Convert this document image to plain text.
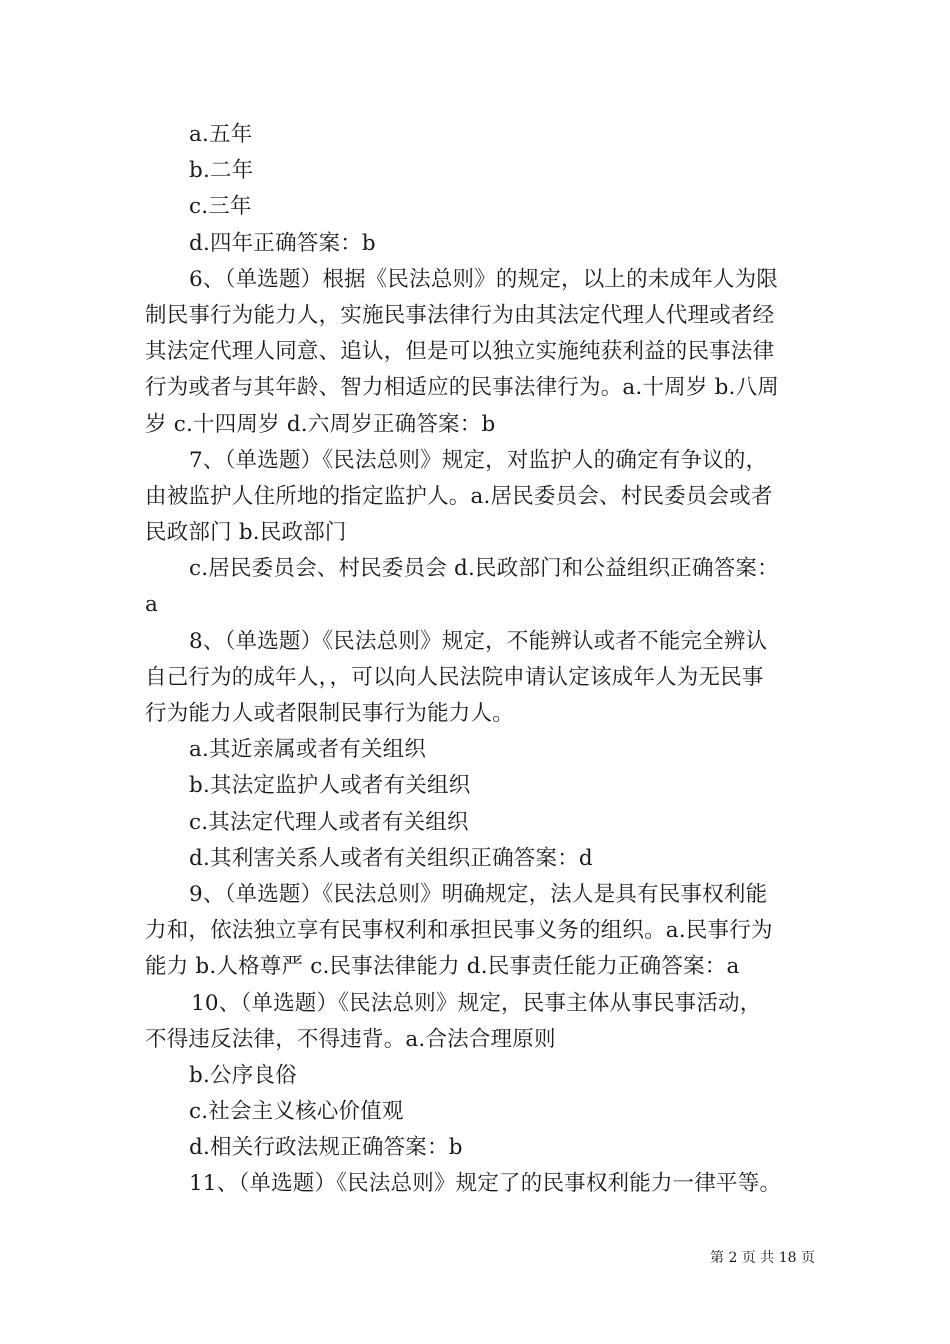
a.五年
b.二年
c.三年
d.四年正确答案：b
6、（单选题）根据《民法总则》的规定，以上的未成年人为限
制民事行为能力人，实施民事法律行为由其法定代理人代理或者经
其法定代理人同意、追认，但是可以独立实施纯获利益的民事法律
行为或者与其年龄、智力相适应的民事法律行为。a.十周岁 b.八周
岁 c.十四周岁 d.六周岁正确答案：b
7、（单选题）《民法总则》规定，对监护人的确定有争议的，
由被监护人住所地的指定监护人。a.居民委员会、村民委员会或者
民政部门 b.民政部门
c.居民委员会、村民委员会 d.民政部门和公益组织正确答案：
a
8、（单选题）《民法总则》规定，不能辨认或者不能完全辨认
自己行为的成年人，，可以向人民法院申请认定该成年人为无民事
行为能力人或者限制民事行为能力人。
a.其近亲属或者有关组织
b.其法定监护人或者有关组织
c.其法定代理人或者有关组织
d.其利害关系人或者有关组织正确答案：d
9、（单选题）《民法总则》明确规定，法人是具有民事权利能
力和，依法独立享有民事权利和承担民事义务的组织。a.民事行为
能力 b.人格尊严 c.民事法律能力 d.民事责任能力正确答案：a
10、（单选题）《民法总则》规定，民事主体从事民事活动，
不得违反法律，不得违背。a.合法合理原则
b.公序良俗
c.社会主义核心价值观
d.相关行政法规正确答案：b
11、（单选题）《民法总则》规定了的民事权利能力一律平等。
第 2 页 共 18 页
